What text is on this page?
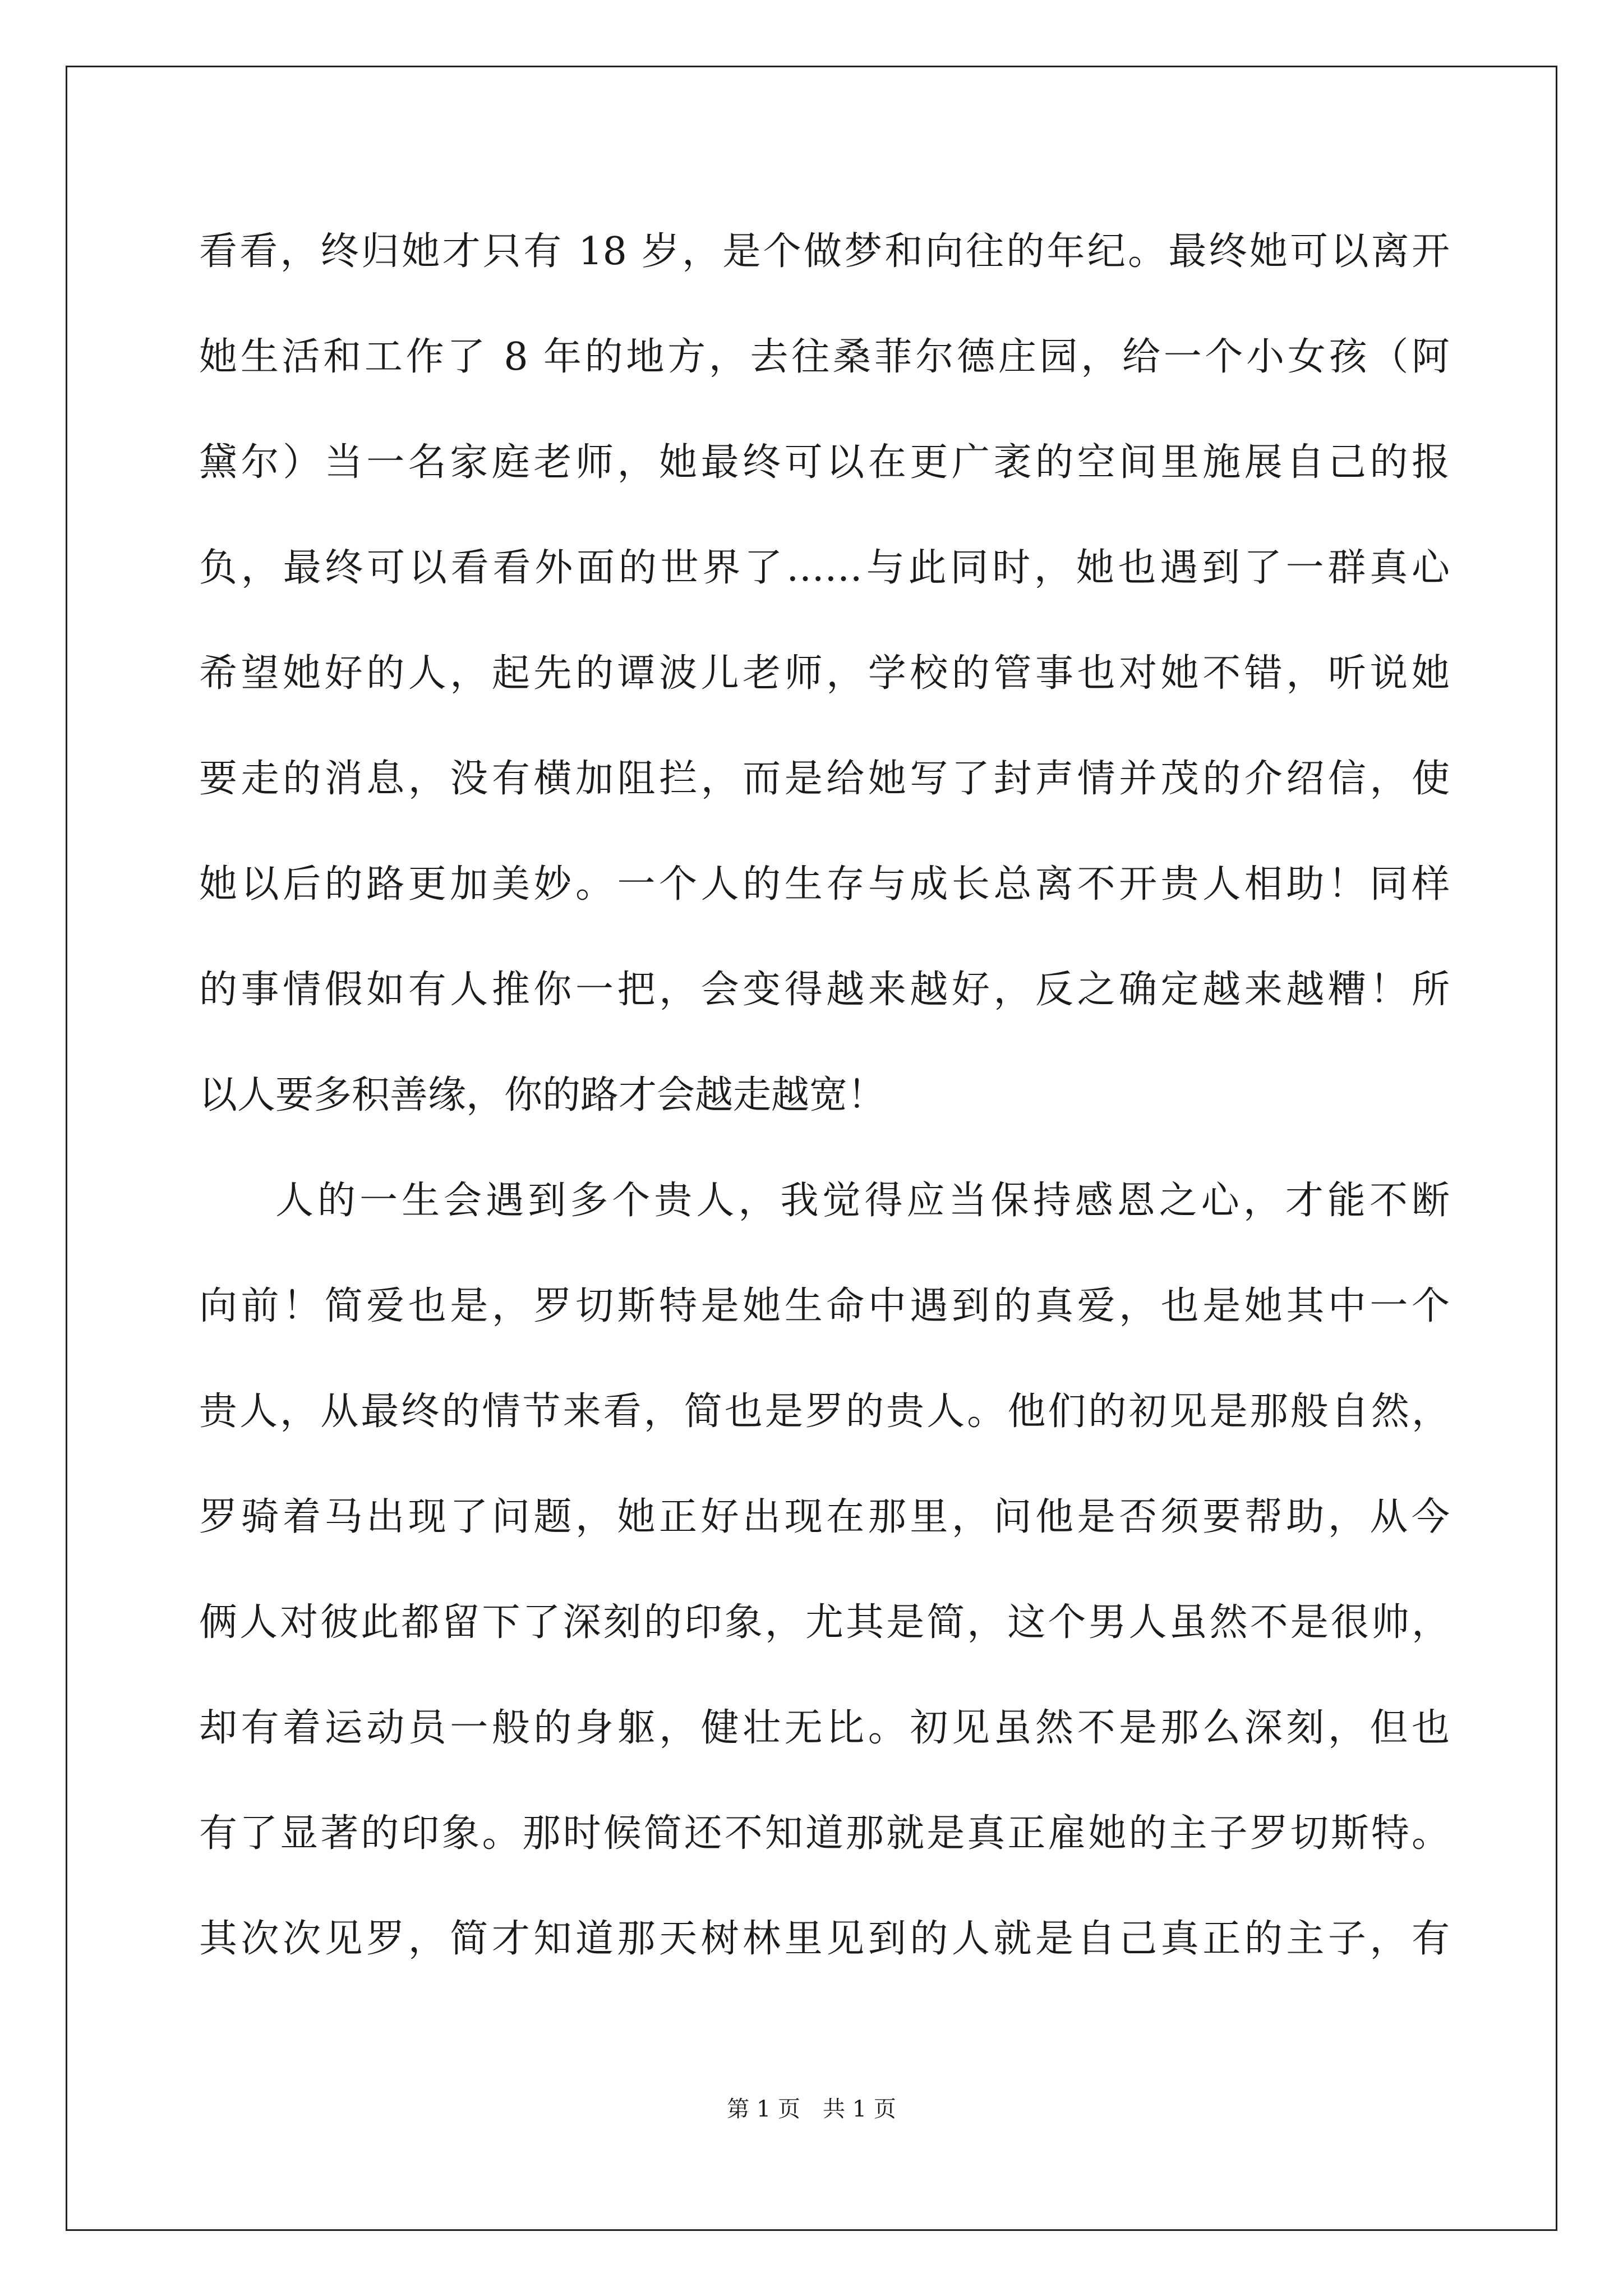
看看，终归她才只有 18 岁，是个做梦和向往的年纪。最终她可以离开
她生活和工作了 8 年的地方，去往桑菲尔德庄园，给一个小女孩（阿
黛尔）当一名家庭老师，她最终可以在更广袤的空间里施展自己的报
负，最终可以看看外面的世界了……与此同时，她也遇到了一群真心
希望她好的人，起先的谭波儿老师，学校的管事也对她不错，听说她
要走的消息，没有横加阻拦，而是给她写了封声情并茂的介绍信，使
她以后的路更加美妙。一个人的生存与成长总离不开贵人相助！同样
的事情假如有人推你一把，会变得越来越好，反之确定越来越糟！所
以人要多积善缘，你的路才会越走越宽！
人的一生会遇到多个贵人，我觉得应当保持感恩之心，才能不断
向前！简爱也是，罗切斯特是她生命中遇到的真爱，也是她其中一个
贵人，从最终的情节来看，简也是罗的贵人。他们的初见是那般自然，
罗骑着马出现了问题，她正好出现在那里，问他是否须要帮助，从今
俩人对彼此都留下了深刻的印象，尤其是简，这个男人虽然不是很帅，
却有着运动员一般的身躯，健壮无比。初见虽然不是那么深刻，但也
有了显著的印象。那时候简还不知道那就是真正雇她的主子罗切斯特。
其次次见罗，简才知道那天树林里见到的人就是自己真正的主子，有
第 1 页 共 1 页
